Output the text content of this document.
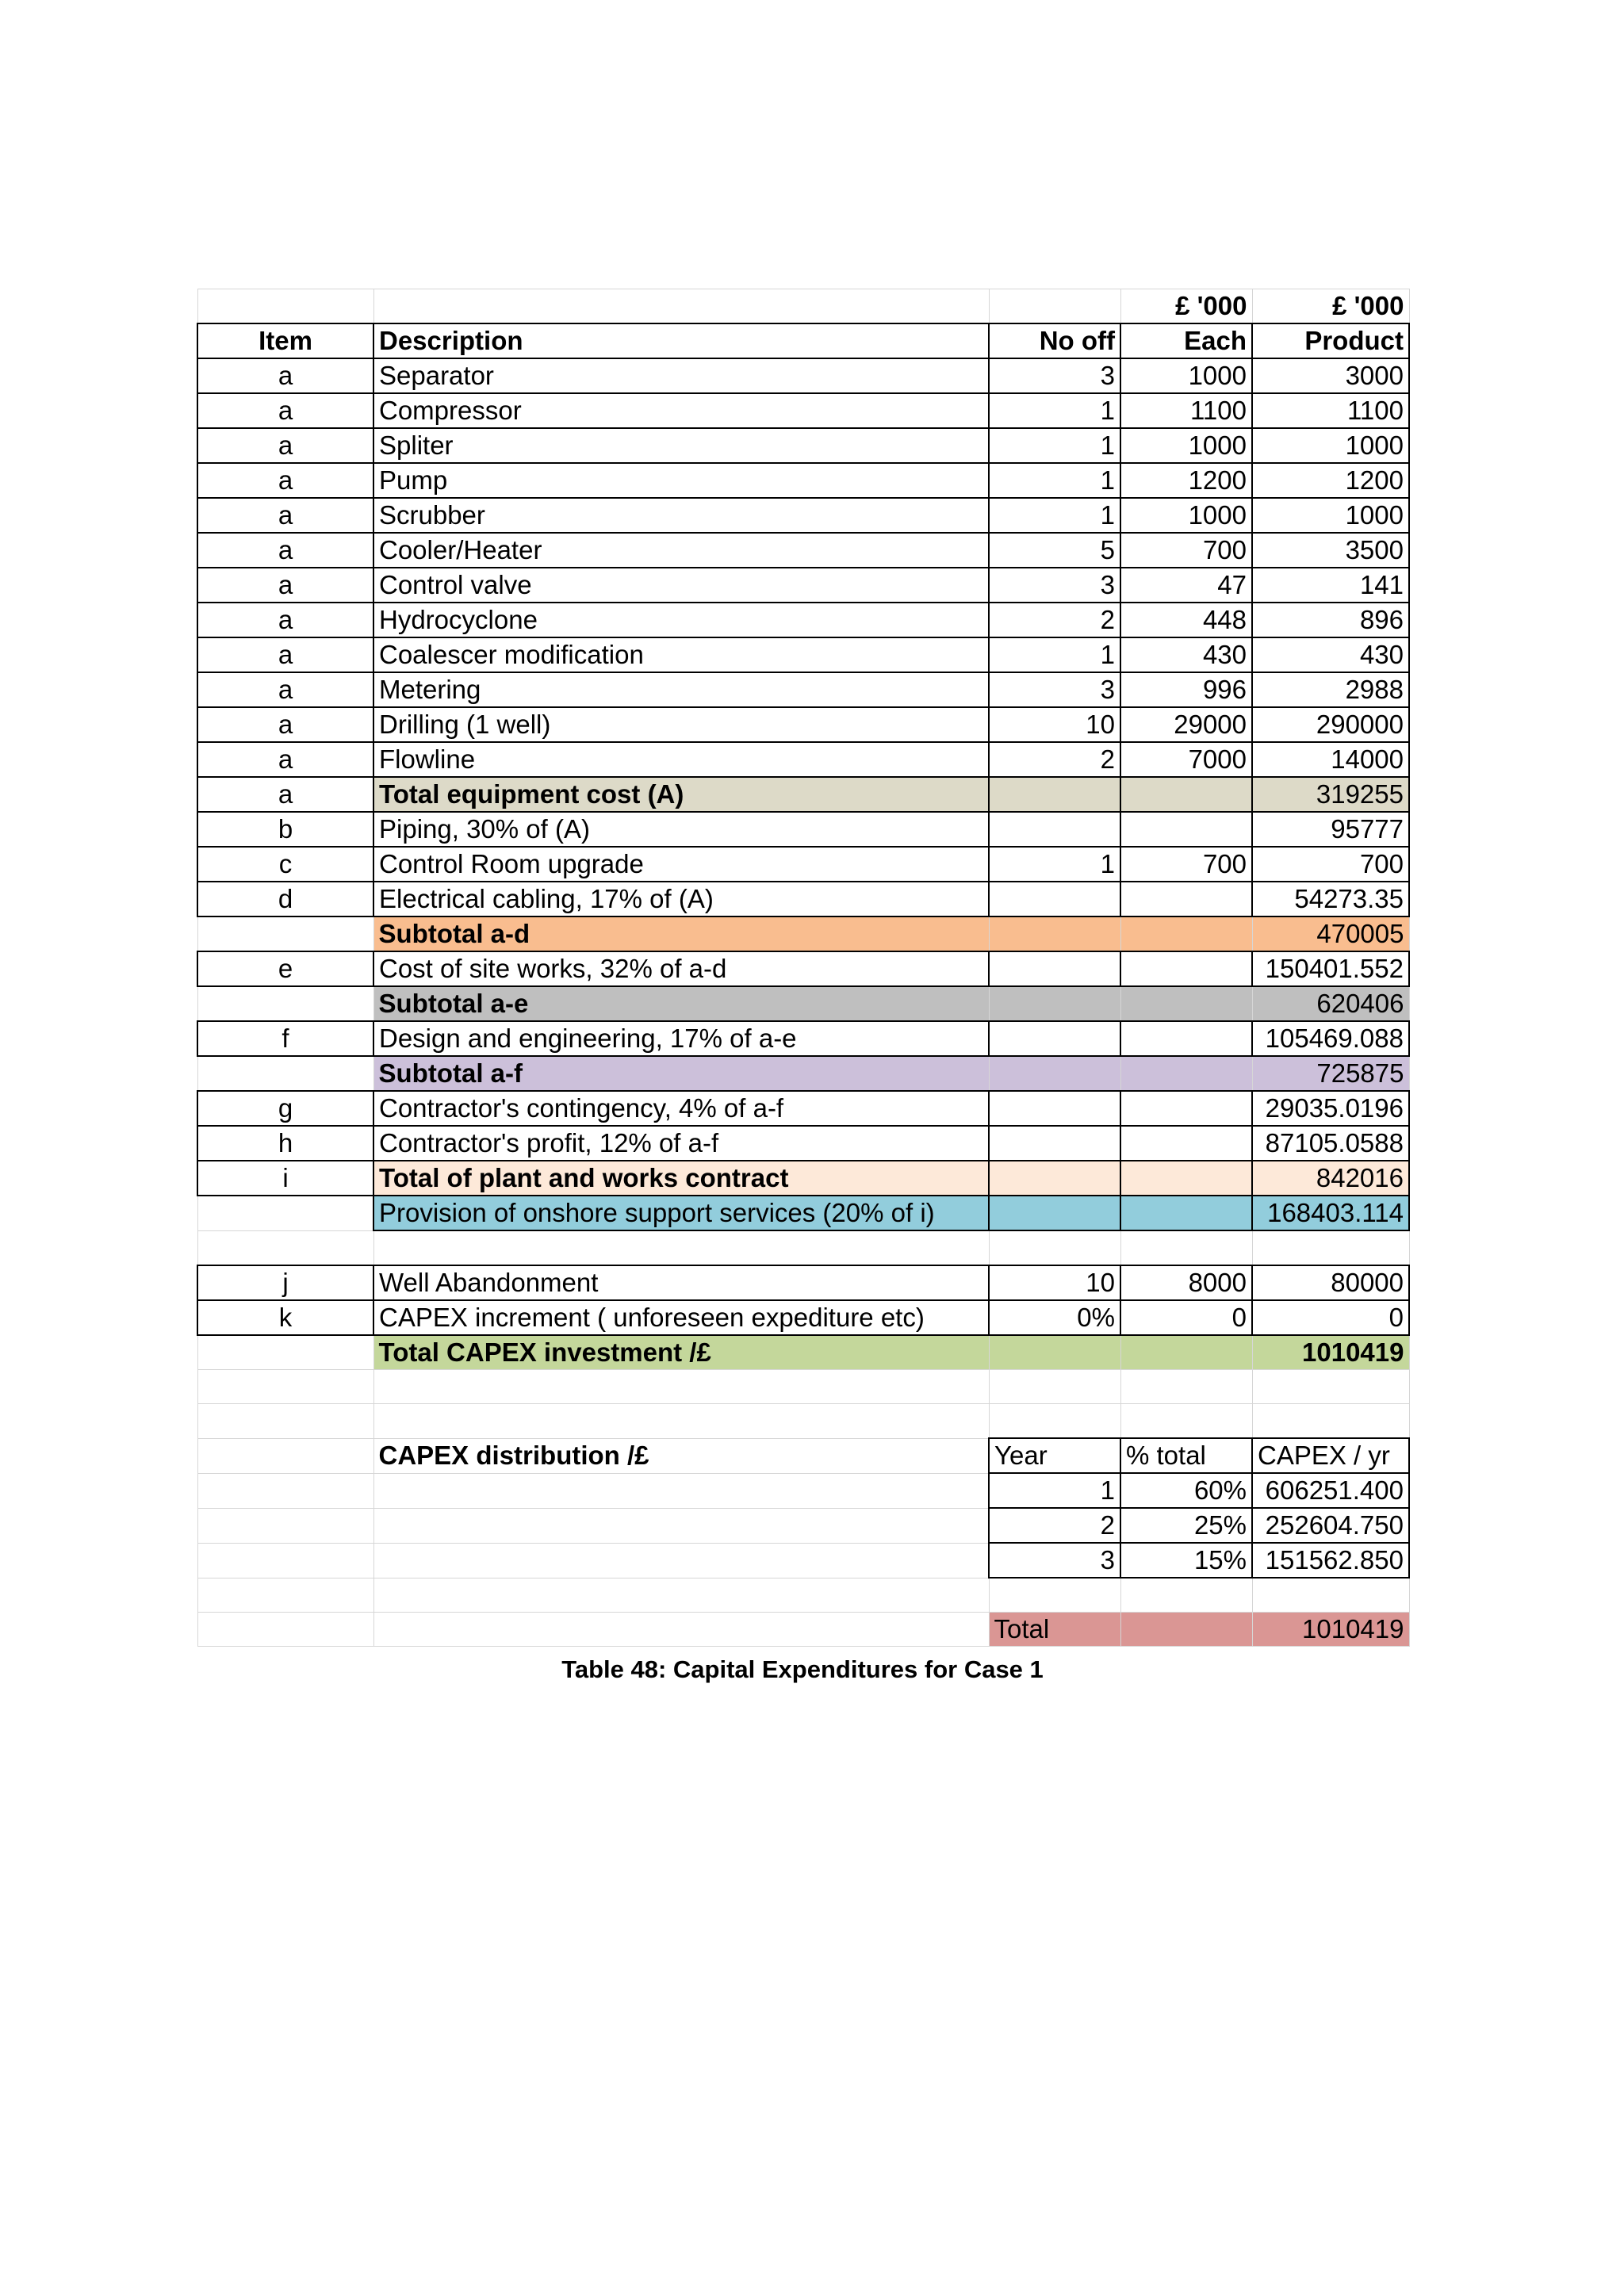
			£ '000	£ '000
Item	Description	No off	Each	Product
a	Separator	3	1000	3000
a	Compressor	1	1100	1100
a	Spliter	1	1000	1000
a	Pump	1	1200	1200
a	Scrubber	1	1000	1000
a	Cooler/Heater	5	700	3500
a	Control valve	3	47	141
a	Hydrocyclone	2	448	896
a	Coalescer modification	1	430	430
a	Metering	3	996	2988
a	Drilling (1 well)	10	29000	290000
a	Flowline	2	7000	14000
a	Total equipment cost (A)			319255
b	Piping, 30% of (A)			95777
c	Control Room upgrade	1	700	700
d	Electrical cabling, 17% of (A)			54273.35
	Subtotal a-d			470005
e	Cost of site works, 32% of a-d			150401.552
	Subtotal a-e			620406
f	Design and engineering, 17% of a-e			105469.088
	Subtotal a-f			725875
g	Contractor's contingency, 4% of a-f			29035.0196
h	Contractor's profit, 12% of a-f			87105.0588
i	Total of plant and works contract			842016
	Provision of onshore support services (20% of i)			168403.114

j	Well Abandonment	10	8000	80000
k	CAPEX increment ( unforeseen expediture etc)	0%	0	0
	Total CAPEX investment /£			1010419

	CAPEX distribution /£	Year	% total	CAPEX / yr
		1	60%	606251.400
		2	25%	252604.750
		3	15%	151562.850

		Total		1010419
Table 48: Capital Expenditures for Case 1
